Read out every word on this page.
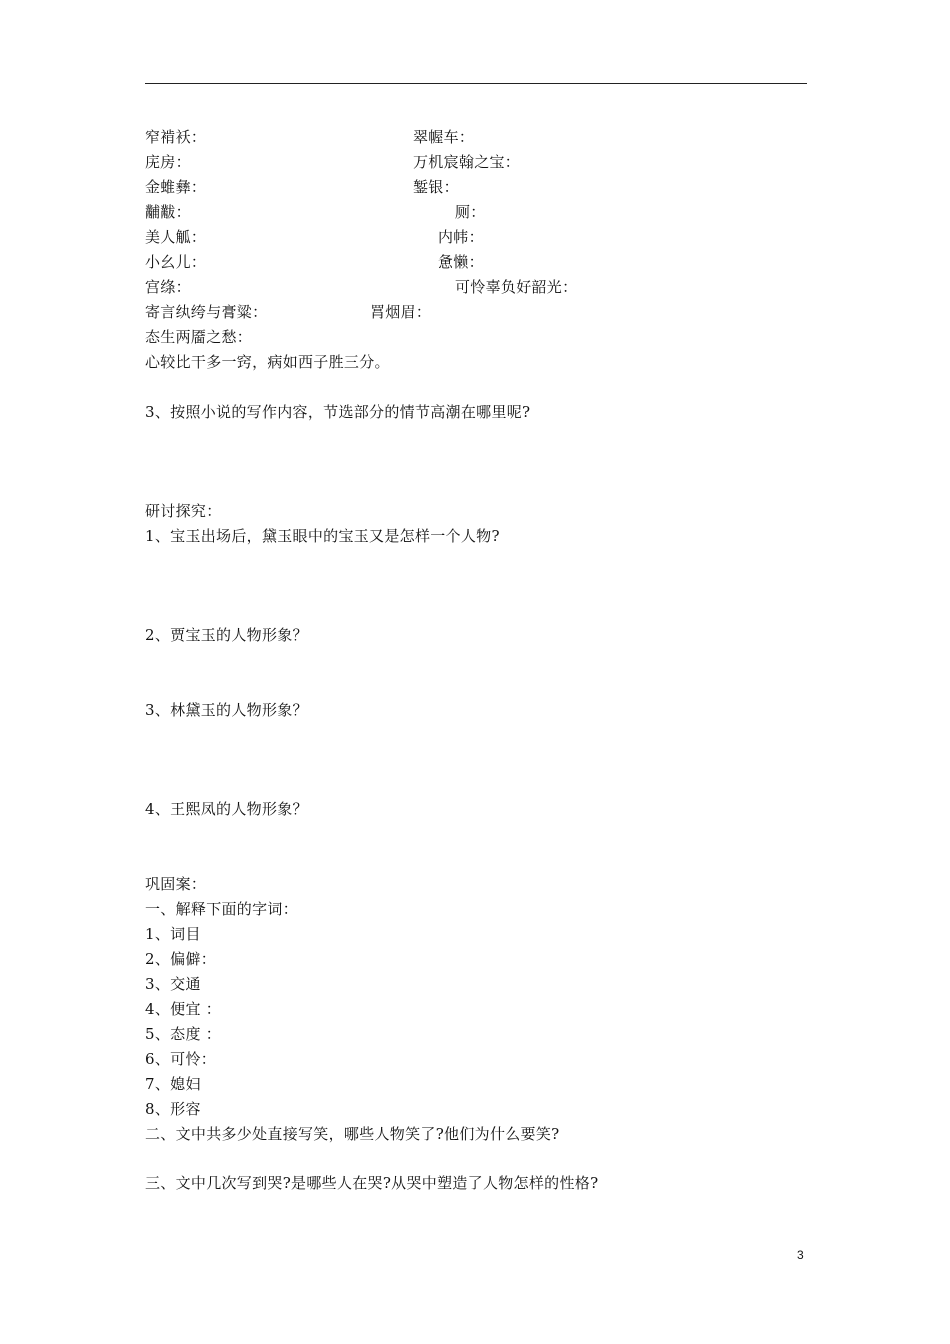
窄褃袄：	翠幄车：
庑房：	万机宸翰之宝：
金蜼彝：	錾银：
黼黻：	厕：
美人觚：	内帏：
小幺儿：	惫懒：
宫绦：	可怜辜负好韶光：
寄言纨绔与膏粱：	罥烟眉：
态生两靥之愁：
心较比干多一窍，病如西子胜三分。
3、按照小说的写作内容，节选部分的情节高潮在哪里呢?
研讨探究：
1、宝玉出场后，黛玉眼中的宝玉又是怎样一个人物?
2、贾宝玉的人物形象？
3、林黛玉的人物形象？
4、王熙凤的人物形象？
巩固案：
一、解释下面的字词：
1、词目
2、偏僻：
3、交通
4、便宜 ：
5、态度 ：
6、可怜：
7、媳妇
8、形容
二、文中共多少处直接写笑，哪些人物笑了?他们为什么要笑?
三、文中几次写到哭?是哪些人在哭?从哭中塑造了人物怎样的性格?
3
